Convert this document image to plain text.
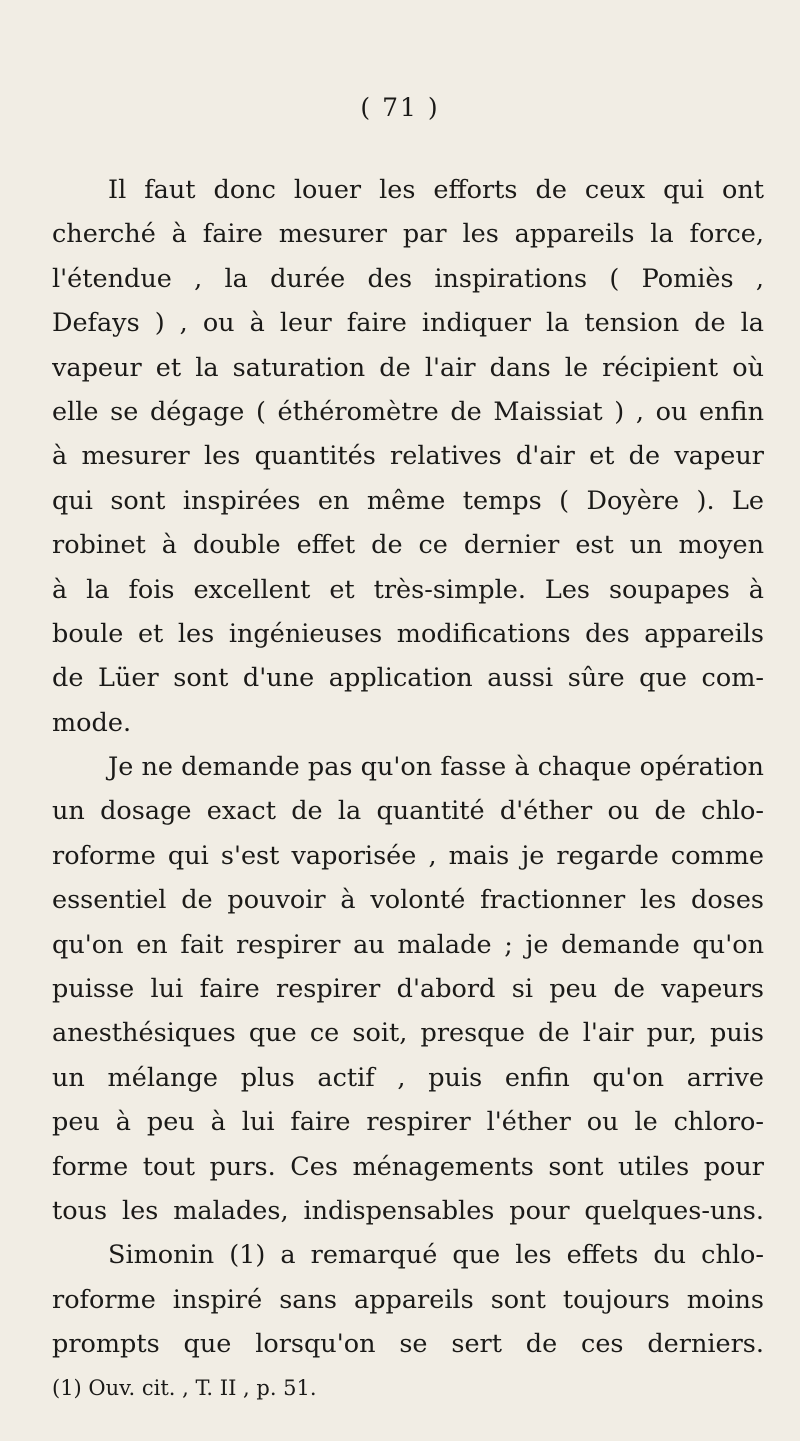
( 71 )
Il faut donc louer les efforts de ceux qui ont
cherché à faire mesurer par les appareils la force,
l'étendue , la durée des inspirations ( Pomiès ,
Defays ) , ou à leur faire indiquer la tension de la
vapeur et la saturation de l'air dans le récipient où
elle se dégage ( éthéromètre de Maissiat ) , ou enfin
à mesurer les quantités relatives d'air et de vapeur
qui sont inspirées en même temps ( Doyère ). Le
robinet à double effet de ce dernier est un moyen
à la fois excellent et très-simple. Les soupapes à
boule et les ingénieuses modifications des appareils
de Lüer sont d'une application aussi sûre que com-
mode.
Je ne demande pas qu'on fasse à chaque opération
un dosage exact de la quantité d'éther ou de chlo-
roforme qui s'est vaporisée , mais je regarde comme
essentiel de pouvoir à volonté fractionner les doses
qu'on en fait respirer au malade ; je demande qu'on
puisse lui faire respirer d'abord si peu de vapeurs
anesthésiques que ce soit, presque de l'air pur, puis
un mélange plus actif , puis enfin qu'on arrive
peu à peu à lui faire respirer l'éther ou le chloro-
forme tout purs. Ces ménagements sont utiles pour
tous les malades, indispensables pour quelques-uns.
Simonin (1) a remarqué que les effets du chlo-
roforme inspiré sans appareils sont toujours moins
prompts que lorsqu'on se sert de ces derniers.
(1) Ouv. cit. , T. II , p. 51.
